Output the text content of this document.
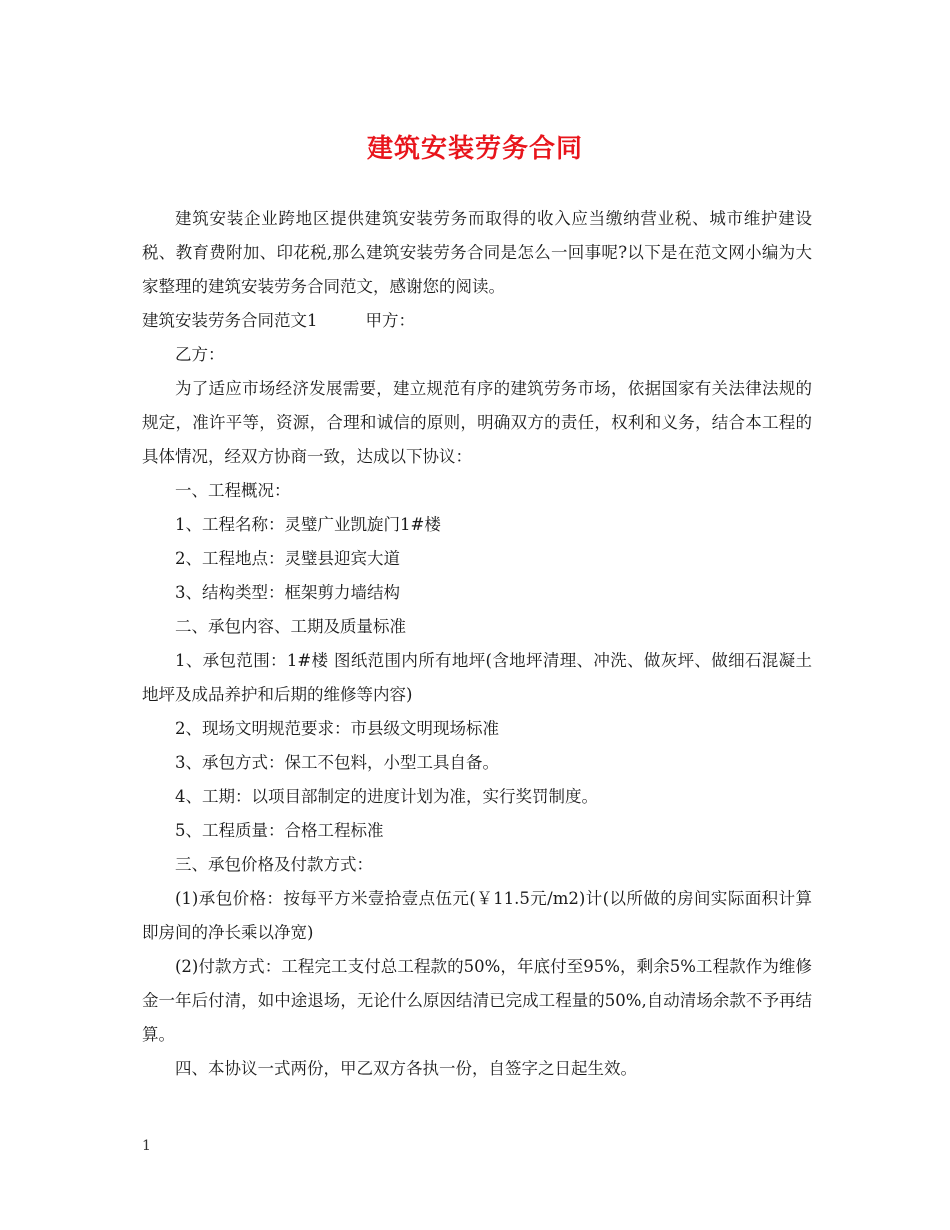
建筑安装劳务合同

建筑安装企业跨地区提供建筑安装劳务而取得的收入应当缴纳营业税、城市维护建设税、教育费附加、印花税,那么建筑安装劳务合同是怎么一回事呢?以下是在范文网小编为大家整理的建筑安装劳务合同范文，感谢您的阅读。

建筑安装劳务合同范文1	甲方：

乙方：

为了适应市场经济发展需要，建立规范有序的建筑劳务市场，依据国家有关法律法规的规定，准许平等，资源，合理和诚信的原则，明确双方的责任，权利和义务，结合本工程的具体情况，经双方协商一致，达成以下协议：

一、工程概况：

1、工程名称：灵璧广业凯旋门1#楼

2、工程地点：灵璧县迎宾大道

3、结构类型：框架剪力墙结构

二、承包内容、工期及质量标准

1、承包范围：1#楼 图纸范围内所有地坪(含地坪清理、冲洗、做灰坪、做细石混凝土地坪及成品养护和后期的维修等内容)

2、现场文明规范要求：市县级文明现场标准

3、承包方式：保工不包料，小型工具自备。

4、工期：以项目部制定的进度计划为准，实行奖罚制度。

5、工程质量：合格工程标准

三、承包价格及付款方式：

(1)承包价格：按每平方米壹拾壹点伍元(￥11.5元/m2)计(以所做的房间实际面积计算即房间的净长乘以净宽)

(2)付款方式：工程完工支付总工程款的50%，年底付至95%，剩余5%工程款作为维修金一年后付清，如中途退场，无论什么原因结清已完成工程量的50%,自动清场余款不予再结算。

四、本协议一式两份，甲乙双方各执一份，自签字之日起生效。

1
